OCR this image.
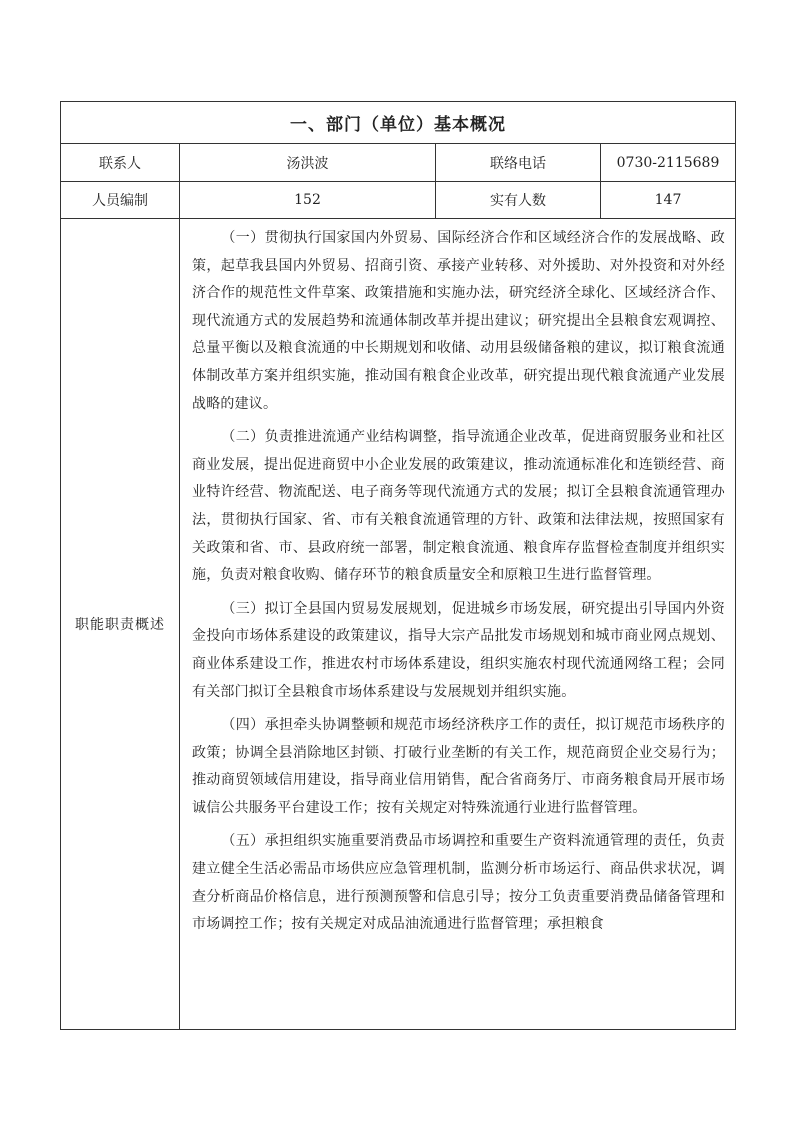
一、部门（单位）基本概况
联系人	汤洪波	联络电话	0730-2115689
人员编制	152	实有人数	147
职能职责概述

（一）贯彻执行国家国内外贸易、国际经济合作和区域经济合作的发展战略、政策，起草我县国内外贸易、招商引资、承接产业转移、对外援助、对外投资和对外经济合作的规范性文件草案、政策措施和实施办法，研究经济全球化、区域经济合作、现代流通方式的发展趋势和流通体制改革并提出建议；研究提出全县粮食宏观调控、总量平衡以及粮食流通的中长期规划和收储、动用县级储备粮的建议，拟订粮食流通体制改革方案并组织实施，推动国有粮食企业改革，研究提出现代粮食流通产业发展战略的建议。

（二）负责推进流通产业结构调整，指导流通企业改革，促进商贸服务业和社区商业发展，提出促进商贸中小企业发展的政策建议，推动流通标准化和连锁经营、商业特许经营、物流配送、电子商务等现代流通方式的发展；拟订全县粮食流通管理办法，贯彻执行国家、省、市有关粮食流通管理的方针、政策和法律法规，按照国家有关政策和省、市、县政府统一部署，制定粮食流通、粮食库存监督检查制度并组织实施，负责对粮食收购、储存环节的粮食质量安全和原粮卫生进行监督管理。

（三）拟订全县国内贸易发展规划，促进城乡市场发展，研究提出引导国内外资金投向市场体系建设的政策建议，指导大宗产品批发市场规划和城市商业网点规划、商业体系建设工作，推进农村市场体系建设，组织实施农村现代流通网络工程；会同有关部门拟订全县粮食市场体系建设与发展规划并组织实施。

（四）承担牵头协调整顿和规范市场经济秩序工作的责任，拟订规范市场秩序的政策；协调全县消除地区封锁、打破行业垄断的有关工作，规范商贸企业交易行为；推动商贸领域信用建设，指导商业信用销售，配合省商务厅、市商务粮食局开展市场诚信公共服务平台建设工作；按有关规定对特殊流通行业进行监督管理。

（五）承担组织实施重要消费品市场调控和重要生产资料流通管理的责任，负责建立健全生活必需品市场供应应急管理机制，监测分析市场运行、商品供求状况，调查分析商品价格信息，进行预测预警和信息引导；按分工负责重要消费品储备管理和市场调控工作；按有关规定对成品油流通进行监督管理；承担粮食
